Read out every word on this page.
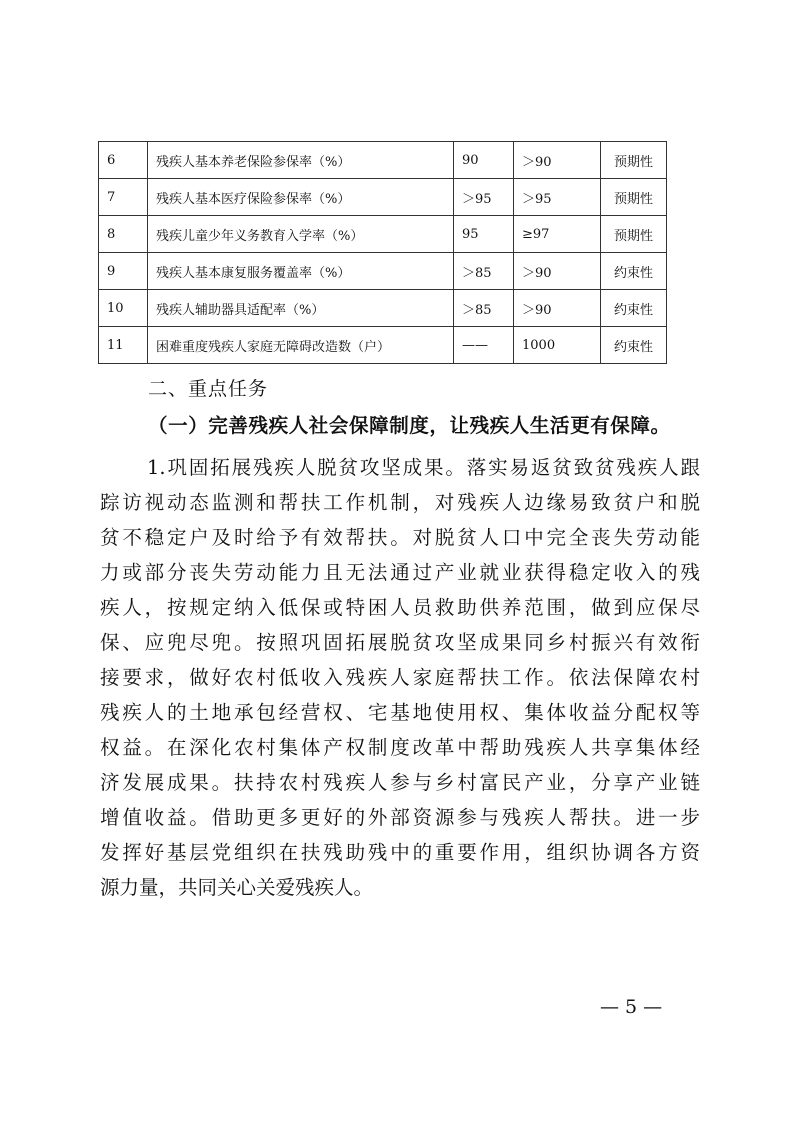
6	残疾人基本养老保险参保率（%）	90	＞90	预期性
7	残疾人基本医疗保险参保率（%）	＞95	＞95	预期性
8	残疾儿童少年义务教育入学率（%）	95	≥97	预期性
9	残疾人基本康复服务覆盖率（%）	＞85	＞90	约束性
10	残疾人辅助器具适配率（%）	＞85	＞90	约束性
11	困难重度残疾人家庭无障碍改造数（户）	——	1000	约束性
二、重点任务
（一）完善残疾人社会保障制度，让残疾人生活更有保障。
1.巩固拓展残疾人脱贫攻坚成果。落实易返贫致贫残疾人跟
踪访视动态监测和帮扶工作机制，对残疾人边缘易致贫户和脱
贫不稳定户及时给予有效帮扶。对脱贫人口中完全丧失劳动能
力或部分丧失劳动能力且无法通过产业就业获得稳定收入的残
疾人，按规定纳入低保或特困人员救助供养范围，做到应保尽
保、应兜尽兜。按照巩固拓展脱贫攻坚成果同乡村振兴有效衔
接要求，做好农村低收入残疾人家庭帮扶工作。依法保障农村
残疾人的土地承包经营权、宅基地使用权、集体收益分配权等
权益。在深化农村集体产权制度改革中帮助残疾人共享集体经
济发展成果。扶持农村残疾人参与乡村富民产业，分享产业链
增值收益。借助更多更好的外部资源参与残疾人帮扶。进一步
发挥好基层党组织在扶残助残中的重要作用，组织协调各方资
源力量，共同关心关爱残疾人。
— 5 —
